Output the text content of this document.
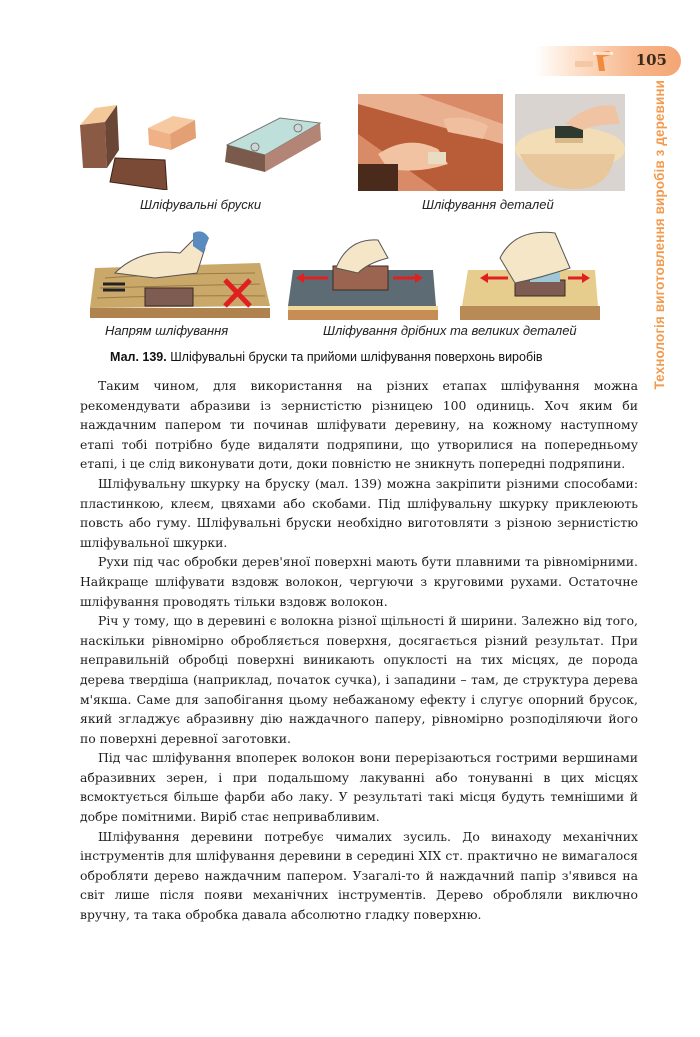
105
Технологія виготовлення виробів з деревини
Шліфувальні бруски	Шліфування деталей
Напрям шліфування	Шліфування дрібних та великих деталей
Мал. 139. Шліфувальні бруски та прийоми шліфування поверхонь виробів

Таким чином, для використання на різних етапах шліфування можна рекомендувати абразиви із зернистістю різницею 100 одиниць. Хоч яким би наждачним папером ти починав шліфувати деревину, на кожному наступному етапі тобі потрібно буде видаляти подряпини, що утворилися на попередньому етапі, і це слід виконувати доти, доки повністю не зникнуть попередні подряпини.

Шліфувальну шкурку на бруску (мал. 139) можна закріпити різними способами: пластинкою, клеєм, цвяхами або скобами. Під шліфувальну шкурку приклеюють повсть або гуму. Шліфувальні бруски необхідно виготовляти з різною зернистістю шліфувальної шкурки.

Рухи під час обробки дерев'яної поверхні мають бути плавними та рівномірними. Найкраще шліфувати вздовж волокон, чергуючи з круговими рухами. Остаточне шліфування проводять тільки вздовж волокон.

Річ у тому, що в деревині є волокна різної щільності й ширини. Залежно від того, наскільки рівномірно обробляється поверхня, досягається різний результат. При неправильній обробці поверхні виникають опуклості на тих місцях, де порода дерева твердіша (наприклад, початок сучка), і западини – там, де структура дерева м'якша. Саме для запобігання цьому небажаному ефекту і слугує опорний брусок, який згладжує абразивну дію наждачного паперу, рівномірно розподіляючи його по поверхні деревної заготовки.

Під час шліфування впоперек волокон вони перерізаються гострими вершинами абразивних зерен, і при подальшому лакуванні або тонуванні в цих місцях всмоктується більше фарби або лаку. У результаті такі місця будуть темнішими й добре помітними. Виріб стає непривабливим.

Шліфування деревини потребує чималих зусиль. До винаходу механічних інструментів для шліфування деревини в середині XIX ст. практично не вимагалося обробляти дерево наждачним папером. Узагалі-то й наждачний папір з'явився на світ лише після появи механічних інструментів. Дерево обробляли виключно вручну, та така обробка давала абсолютно гладку поверхню.
